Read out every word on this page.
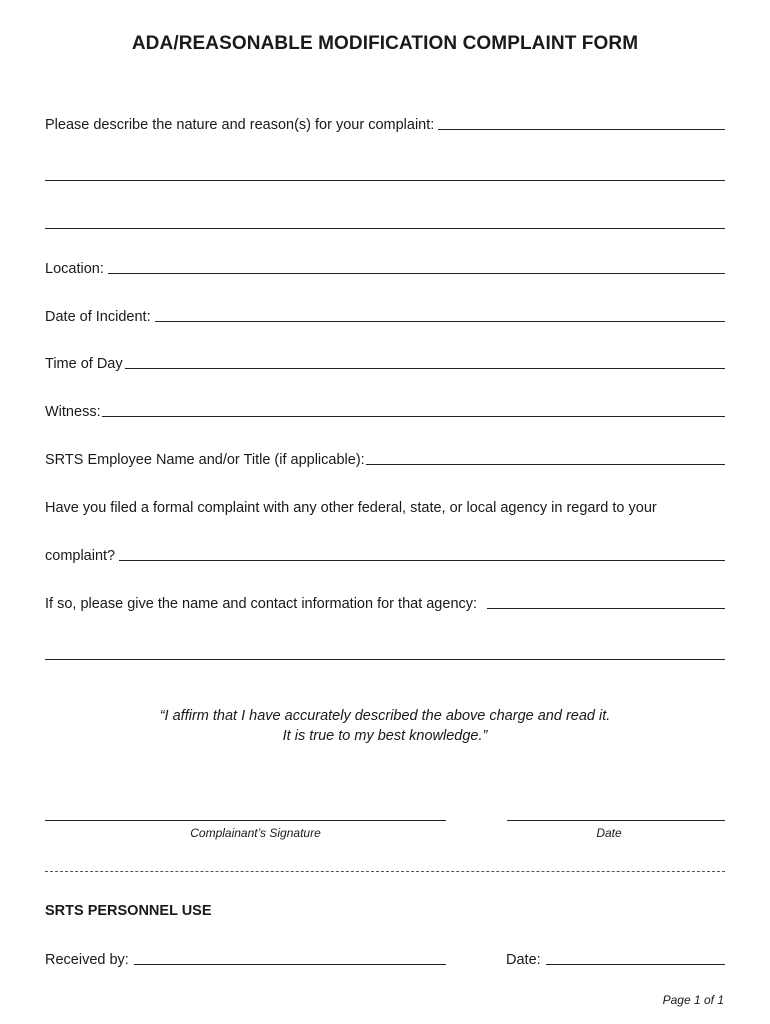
ADA/REASONABLE MODIFICATION COMPLAINT FORM
Please describe the nature and reason(s) for your complaint:
Location:
Date of Incident:
Time of Day
Witness:
SRTS Employee Name and/or Title (if applicable):
Have you filed a formal complaint with any other federal, state, or local agency in regard to your
complaint?
If so, please give the name and contact information for that agency:
“I affirm that I have accurately described the above charge and read it.
It is true to my best knowledge.”
Complainant’s Signature	Date
SRTS PERSONNEL USE
Received by:	Date:
Page 1 of 1
